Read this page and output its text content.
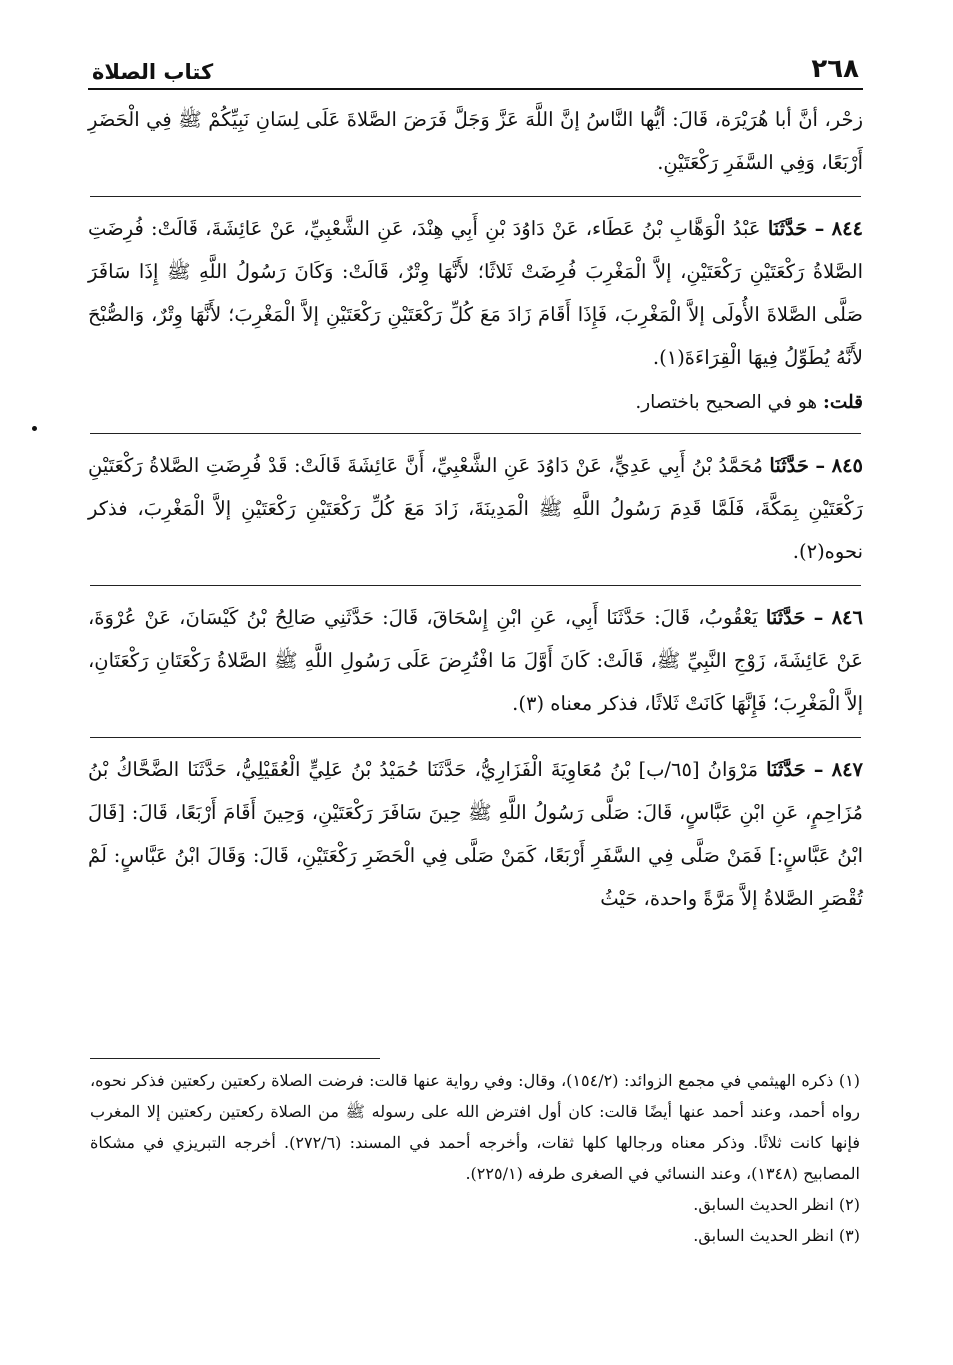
٢٦٨
كتاب الصلاة

زحْر، أنَّ أبا هُرَيْرَة، قَالَ: أيُّها النَّاسُ إنَّ اللَّهَ عَزَّ وَجَلَّ فَرَضَ الصَّلاةَ عَلَى لِسَانِ نَبِيِّكُمْ ﷺ فِي الْحَضَرِ أَرْبَعًا، وَفِي السَّفَرِ رَكْعَتَيْنِ.

٨٤٤ – حَدَّثَنَا عَبْدُ الْوَهَّابِ بْنُ عَطَاء، عَنْ دَاوُدَ بْنِ أَبِي هِنْدَ، عَنِ الشَّعْبِيِّ، عَنْ عَائِشَةَ، قَالَتْ: فُرِضَتِ الصَّلاةُ رَكْعَتَيْنِ رَكْعَتَيْنِ، إلاَّ الْمَغْرِبَ فُرِضَتْ ثَلاثًا؛ لأَنَّهَا وِتْرٌ، قَالَتْ: وَكَانَ رَسُولُ اللَّهِ ﷺ إِذَا سَافَرَ صَلَّى الصَّلاةَ الأُولَى إلاَّ الْمَغْرِبَ، فَإِذَا أَقَامَ زَادَ مَعَ كُلِّ رَكْعَتَيْنِ رَكْعَتَيْنِ إلاَّ الْمَغْرِبَ؛ لأَنَّهَا وِتْرٌ، وَالصُّبْحَ لأَنَّهُ يُطَوِّلُ فِيهَا الْقِرَاءَةَ(١).

قلت: هو في الصحيح باختصار.

٨٤٥ – حَدَّثَنَا مُحَمَّدُ بْنُ أَبِي عَدِيٍّ، عَنْ دَاوُدَ عَنِ الشَّعْبِيِّ، أَنَّ عَائِشَةَ قَالَتْ: قَدْ فُرِضَتِ الصَّلاةُ رَكْعَتَيْنِ رَكْعَتَيْنِ بِمَكَّةَ، فَلَمَّا قَدِمَ رَسُولُ اللَّهِ ﷺ الْمَدِينَةَ، زَادَ مَعَ كُلِّ رَكْعَتَيْنِ رَكْعَتَيْنِ إلاَّ الْمَغْرِبَ، فذكر نحوه(٢).

٨٤٦ – حَدَّثَنَا يَعْقُوبُ، قَالَ: حَدَّثَنَا أَبِي، عَنِ ابْنِ إِسْحَاقَ، قَالَ: حَدَّثَنِي صَالِحُ بْنُ كَيْسَانَ، عَنْ عُرْوَةَ، عَنْ عَائِشَةَ، زَوْجِ النَّبِيِّ ﷺ، قَالَتْ: كَانَ أَوَّلَ مَا افْتُرِضَ عَلَى رَسُولِ اللَّهِ ﷺ الصَّلاةُ رَكْعَتَانِ رَكْعَتَانِ، إلاَّ الْمَغْرِبَ؛ فَإِنَّهَا كَانَتْ ثَلاثًا، فذكر معناه (٣).

٨٤٧ – حَدَّثَنَا مَرْوَانُ [٦٥/ب] بْنُ مُعَاوِيَةَ الْفَزَارِيُّ، حَدَّثَنَا حُمَيْدُ بْنُ عَلِيٍّ الْعُقَيْلِيُّ، حَدَّثَنَا الضَّحَّاكُ بْنُ مُزَاحِمٍ، عَنِ ابْنِ عَبَّاسٍ، قَالَ: صَلَّى رَسُولُ اللَّهِ ﷺ حِينَ سَافَرَ رَكْعَتَيْنِ، وَحِينَ أَقَامَ أَرْبَعًا، قَالَ: [قَالَ ابْنُ عَبَّاسٍ:] فَمَنْ صَلَّى فِي السَّفَرِ أَرْبَعًا، كَمَنْ صَلَّى فِي الْحَضَرِ رَكْعَتَيْنِ، قَالَ: وَقَالَ ابْنُ عَبَّاسٍ: لَمْ تُقْصَرِ الصَّلاةُ إلاَّ مَرَّةً واحدة، حَيْثُ

(١) ذكره الهيثمي في مجمع الزوائد: (١٥٤/٢)، وقال: وفي رواية عنها قالت: فرضت الصلاة ركعتين ركعتين فذكر نحوه، رواه أحمد، وعند أحمد عنها أيضًا قالت: كان أول افترض الله على رسوله ﷺ من الصلاة ركعتين ركعتين إلا المغرب فإنها كانت ثلاثًا. وذكر معناه ورجالها كلها ثقات، وأخرجه أحمد في المسند: (٢٧٢/٦). أخرجه التبريزي في مشكاة المصابيح (١٣٤٨)، وعند النسائي في الصغرى طرفه (٢٢٥/١).

(٢) انظر الحديث السابق.

(٣) انظر الحديث السابق.
